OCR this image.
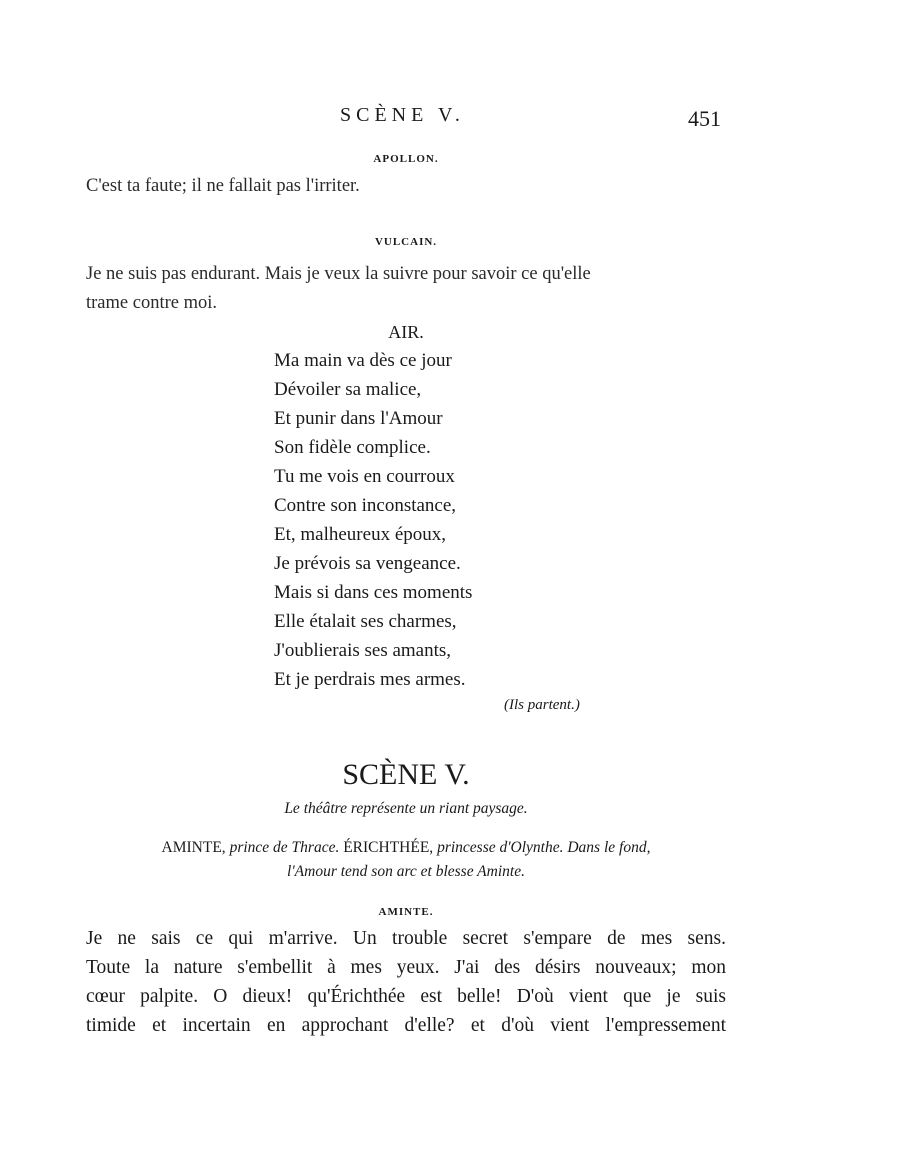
SCÈNE V.	451
APOLLON.

C'est ta faute; il ne fallait pas l'irriter.

VULCAIN.

Je ne suis pas endurant. Mais je veux la suivre pour savoir ce qu'elle

trame contre moi.

AIR.
Ma main va dès ce jour
Dévoiler sa malice,
Et punir dans l'Amour
Son fidèle complice.
Tu me vois en courroux
Contre son inconstance,
Et, malheureux époux,
Je prévois sa vengeance.
Mais si dans ces moments
Elle étalait ses charmes,
J'oublierais ses amants,
Et je perdrais mes armes.
(Ils partent.)
SCÈNE V.
Le théâtre représente un riant paysage.
AMINTE, prince de Thrace. ÉRICHTHÉE, princesse d'Olynthe. Dans le fond,
l'Amour tend son arc et blesse Aminte.
AMINTE.
Je ne sais ce qui m'arrive. Un trouble secret s'empare de mes sens.
Toute la nature s'embellit à mes yeux. J'ai des désirs nouveaux; mon
cœur palpite. O dieux! qu'Érichthée est belle! D'où vient que je suis
timide et incertain en approchant d'elle? et d'où vient l'empressement
